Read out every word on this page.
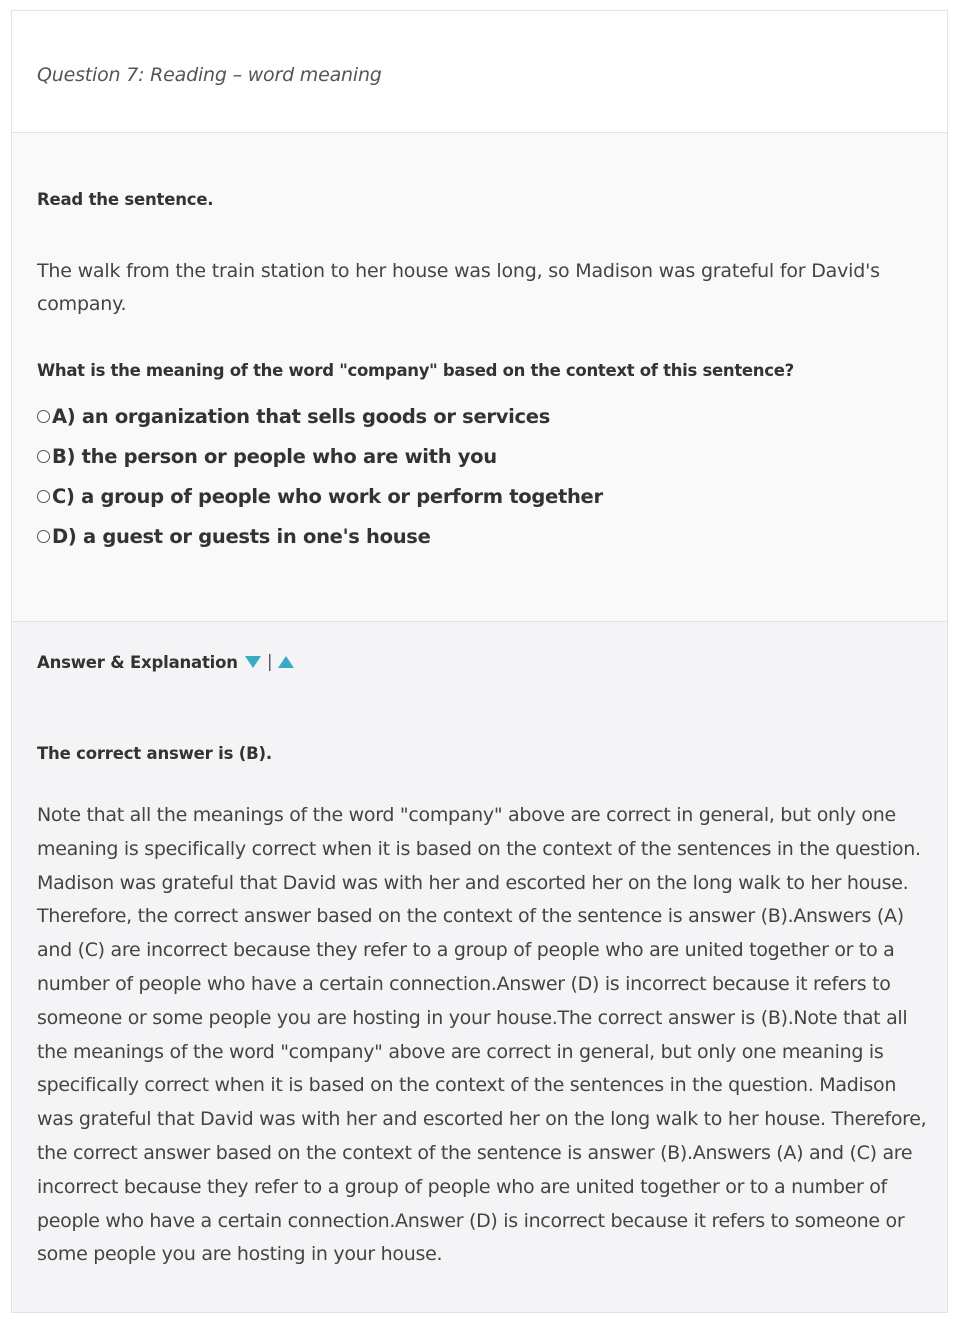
Question 7: Reading – word meaning
Read the sentence.
The walk from the train station to her house was long, so Madison was grateful for David's company.
What is the meaning of the word "company" based on the context of this sentence?
A) an organization that sells goods or services
B) the person or people who are with you
C) a group of people who work or perform together
D) a guest or guests in one's house
Answer & Explanation |
The correct answer is (B).
Note that all the meanings of the word "company" above are correct in general, but only one meaning is specifically correct when it is based on the context of the sentences in the question. Madison was grateful that David was with her and escorted her on the long walk to her house. Therefore, the correct answer based on the context of the sentence is answer (B).Answers (A) and (C) are incorrect because they refer to a group of people who are united together or to a number of people who have a certain connection.Answer (D) is incorrect because it refers to someone or some people you are hosting in your house.The correct answer is (B).Note that all the meanings of the word "company" above are correct in general, but only one meaning is specifically correct when it is based on the context of the sentences in the question. Madison was grateful that David was with her and escorted her on the long walk to her house. Therefore, the correct answer based on the context of the sentence is answer (B).Answers (A) and (C) are incorrect because they refer to a group of people who are united together or to a number of people who have a certain connection.Answer (D) is incorrect because it refers to someone or some people you are hosting in your house.
